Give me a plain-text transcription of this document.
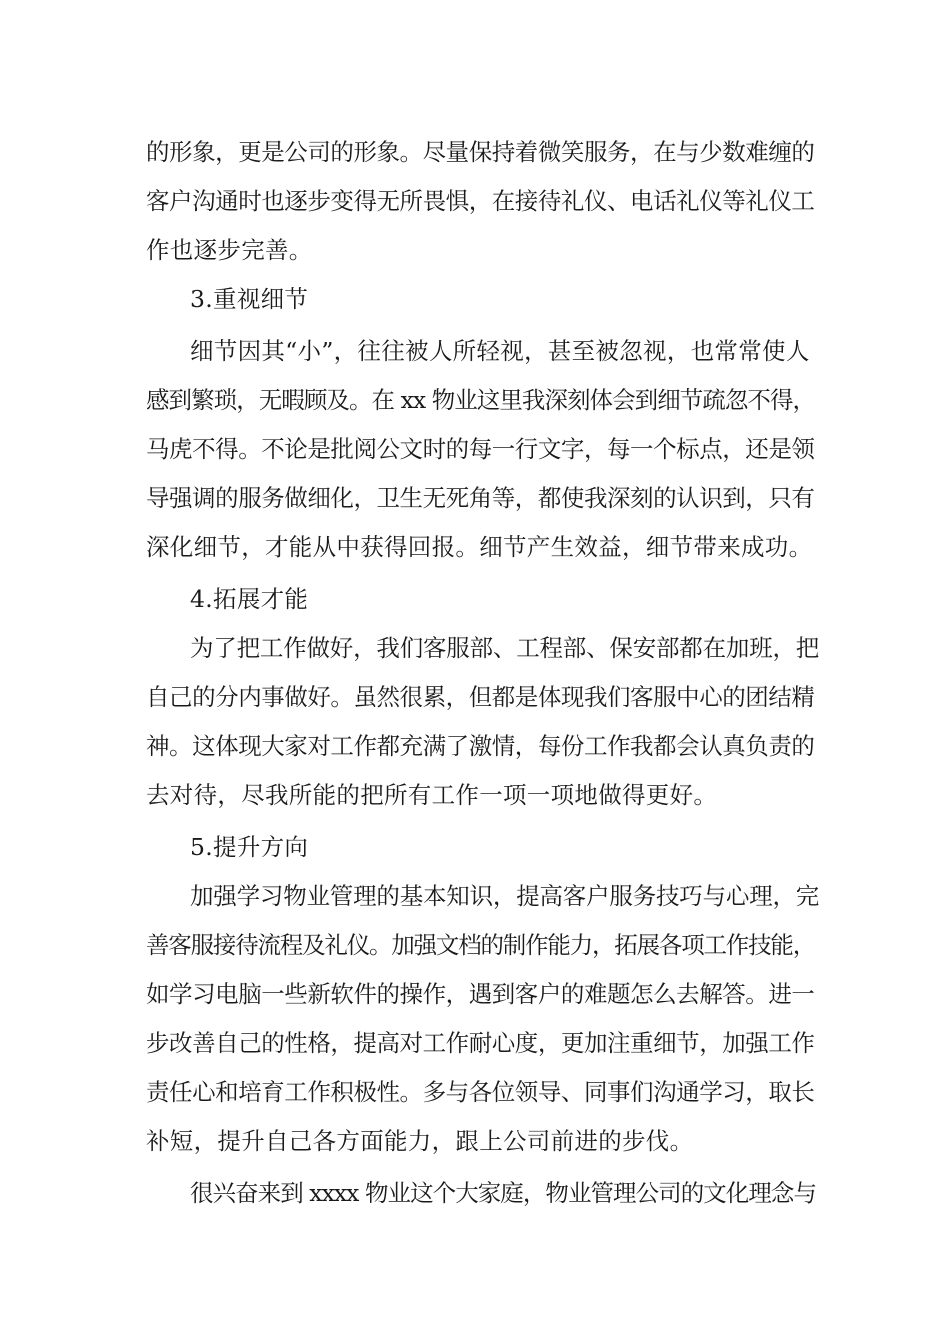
的形象，更是公司的形象。尽量保持着微笑服务，在与少数难缠的
客户沟通时也逐步变得无所畏惧，在接待礼仪、电话礼仪等礼仪工
作也逐步完善。
3.重视细节
细节因其“小”，往往被人所轻视，甚至被忽视，也常常使人
感到繁琐，无暇顾及。在 xx 物业这里我深刻体会到细节疏忽不得，
马虎不得。不论是批阅公文时的每一行文字，每一个标点，还是领
导强调的服务做细化，卫生无死角等，都使我深刻的认识到，只有
深化细节，才能从中获得回报。细节产生效益，细节带来成功。
4.拓展才能
为了把工作做好，我们客服部、工程部、保安部都在加班，把
自己的分内事做好。虽然很累，但都是体现我们客服中心的团结精
神。这体现大家对工作都充满了激情，每份工作我都会认真负责的
去对待，尽我所能的把所有工作一项一项地做得更好。
5.提升方向
加强学习物业管理的基本知识，提高客户服务技巧与心理，完
善客服接待流程及礼仪。加强文档的制作能力，拓展各项工作技能，
如学习电脑一些新软件的操作，遇到客户的难题怎么去解答。进一
步改善自己的性格，提高对工作耐心度，更加注重细节，加强工作
责任心和培育工作积极性。多与各位领导、同事们沟通学习，取长
补短，提升自己各方面能力，跟上公司前进的步伐。
很兴奋来到 xxxx 物业这个大家庭，物业管理公司的文化理念与
